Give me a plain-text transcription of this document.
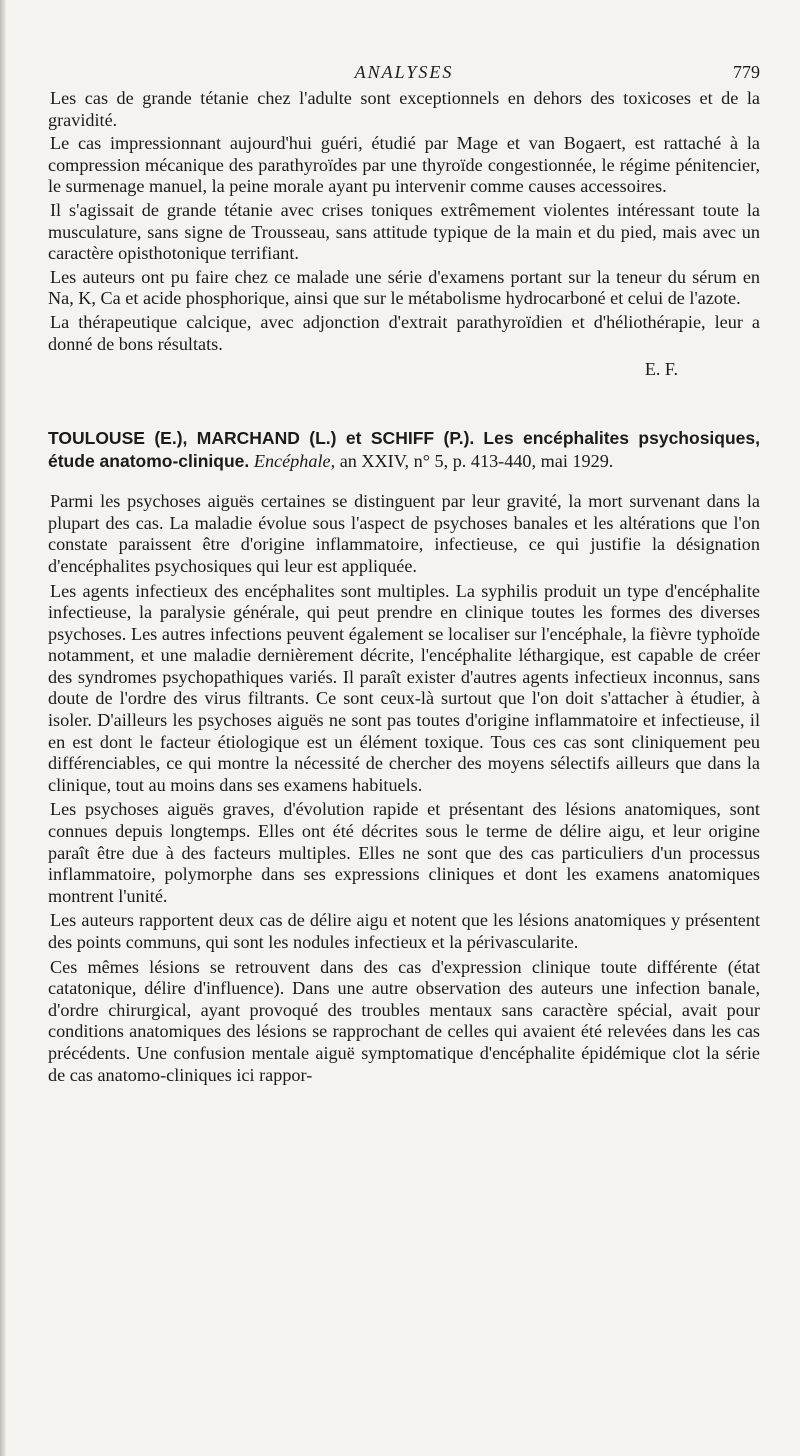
ANALYSES	779

Les cas de grande tétanie chez l'adulte sont exceptionnels en dehors des toxicoses et de la gravidité.

Le cas impressionnant aujourd'hui guéri, étudié par Mage et van Bogaert, est rattaché à la compression mécanique des parathyroïdes par une thyroïde congestionnée, le régime pénitencier, le surmenage manuel, la peine morale ayant pu intervenir comme causes accessoires.

Il s'agissait de grande tétanie avec crises toniques extrêmement violentes intéressant toute la musculature, sans signe de Trousseau, sans attitude typique de la main et du pied, mais avec un caractère opisthotonique terrifiant.

Les auteurs ont pu faire chez ce malade une série d'examens portant sur la teneur du sérum en Na, K, Ca et acide phosphorique, ainsi que sur le métabolisme hydrocarboné et celui de l'azote.

La thérapeutique calcique, avec adjonction d'extrait parathyroïdien et d'héliothérapie, leur a donné de bons résultats.

E. F.
TOULOUSE (E.), MARCHAND (L.) et SCHIFF (P.). Les encéphalites psychosiques, étude anatomo-clinique. Encéphale, an XXIV, n° 5, p. 413-440, mai 1929.

Parmi les psychoses aiguës certaines se distinguent par leur gravité, la mort survenant dans la plupart des cas. La maladie évolue sous l'aspect de psychoses banales et les altérations que l'on constate paraissent être d'origine inflammatoire, infectieuse, ce qui justifie la désignation d'encéphalites psychosiques qui leur est appliquée.

Les agents infectieux des encéphalites sont multiples. La syphilis produit un type d'encéphalite infectieuse, la paralysie générale, qui peut prendre en clinique toutes les formes des diverses psychoses. Les autres infections peuvent également se localiser sur l'encéphale, la fièvre typhoïde notamment, et une maladie dernièrement décrite, l'encéphalite léthargique, est capable de créer des syndromes psychopathiques variés. Il paraît exister d'autres agents infectieux inconnus, sans doute de l'ordre des virus filtrants. Ce sont ceux-là surtout que l'on doit s'attacher à étudier, à isoler. D'ailleurs les psychoses aiguës ne sont pas toutes d'origine inflammatoire et infectieuse, il en est dont le facteur étiologique est un élément toxique. Tous ces cas sont cliniquement peu différenciables, ce qui montre la nécessité de chercher des moyens sélectifs ailleurs que dans la clinique, tout au moins dans ses examens habituels.

Les psychoses aiguës graves, d'évolution rapide et présentant des lésions anatomiques, sont connues depuis longtemps. Elles ont été décrites sous le terme de délire aigu, et leur origine paraît être due à des facteurs multiples. Elles ne sont que des cas particuliers d'un processus inflammatoire, polymorphe dans ses expressions cliniques et dont les examens anatomiques montrent l'unité.

Les auteurs rapportent deux cas de délire aigu et notent que les lésions anatomiques y présentent des points communs, qui sont les nodules infectieux et la périvascularite.

Ces mêmes lésions se retrouvent dans des cas d'expression clinique toute différente (état catatonique, délire d'influence). Dans une autre observation des auteurs une infection banale, d'ordre chirurgical, ayant provoqué des troubles mentaux sans caractère spécial, avait pour conditions anatomiques des lésions se rapprochant de celles qui avaient été relevées dans les cas précédents. Une confusion mentale aiguë symptomatique d'encéphalite épidémique clot la série de cas anatomo-cliniques ici rappor-
